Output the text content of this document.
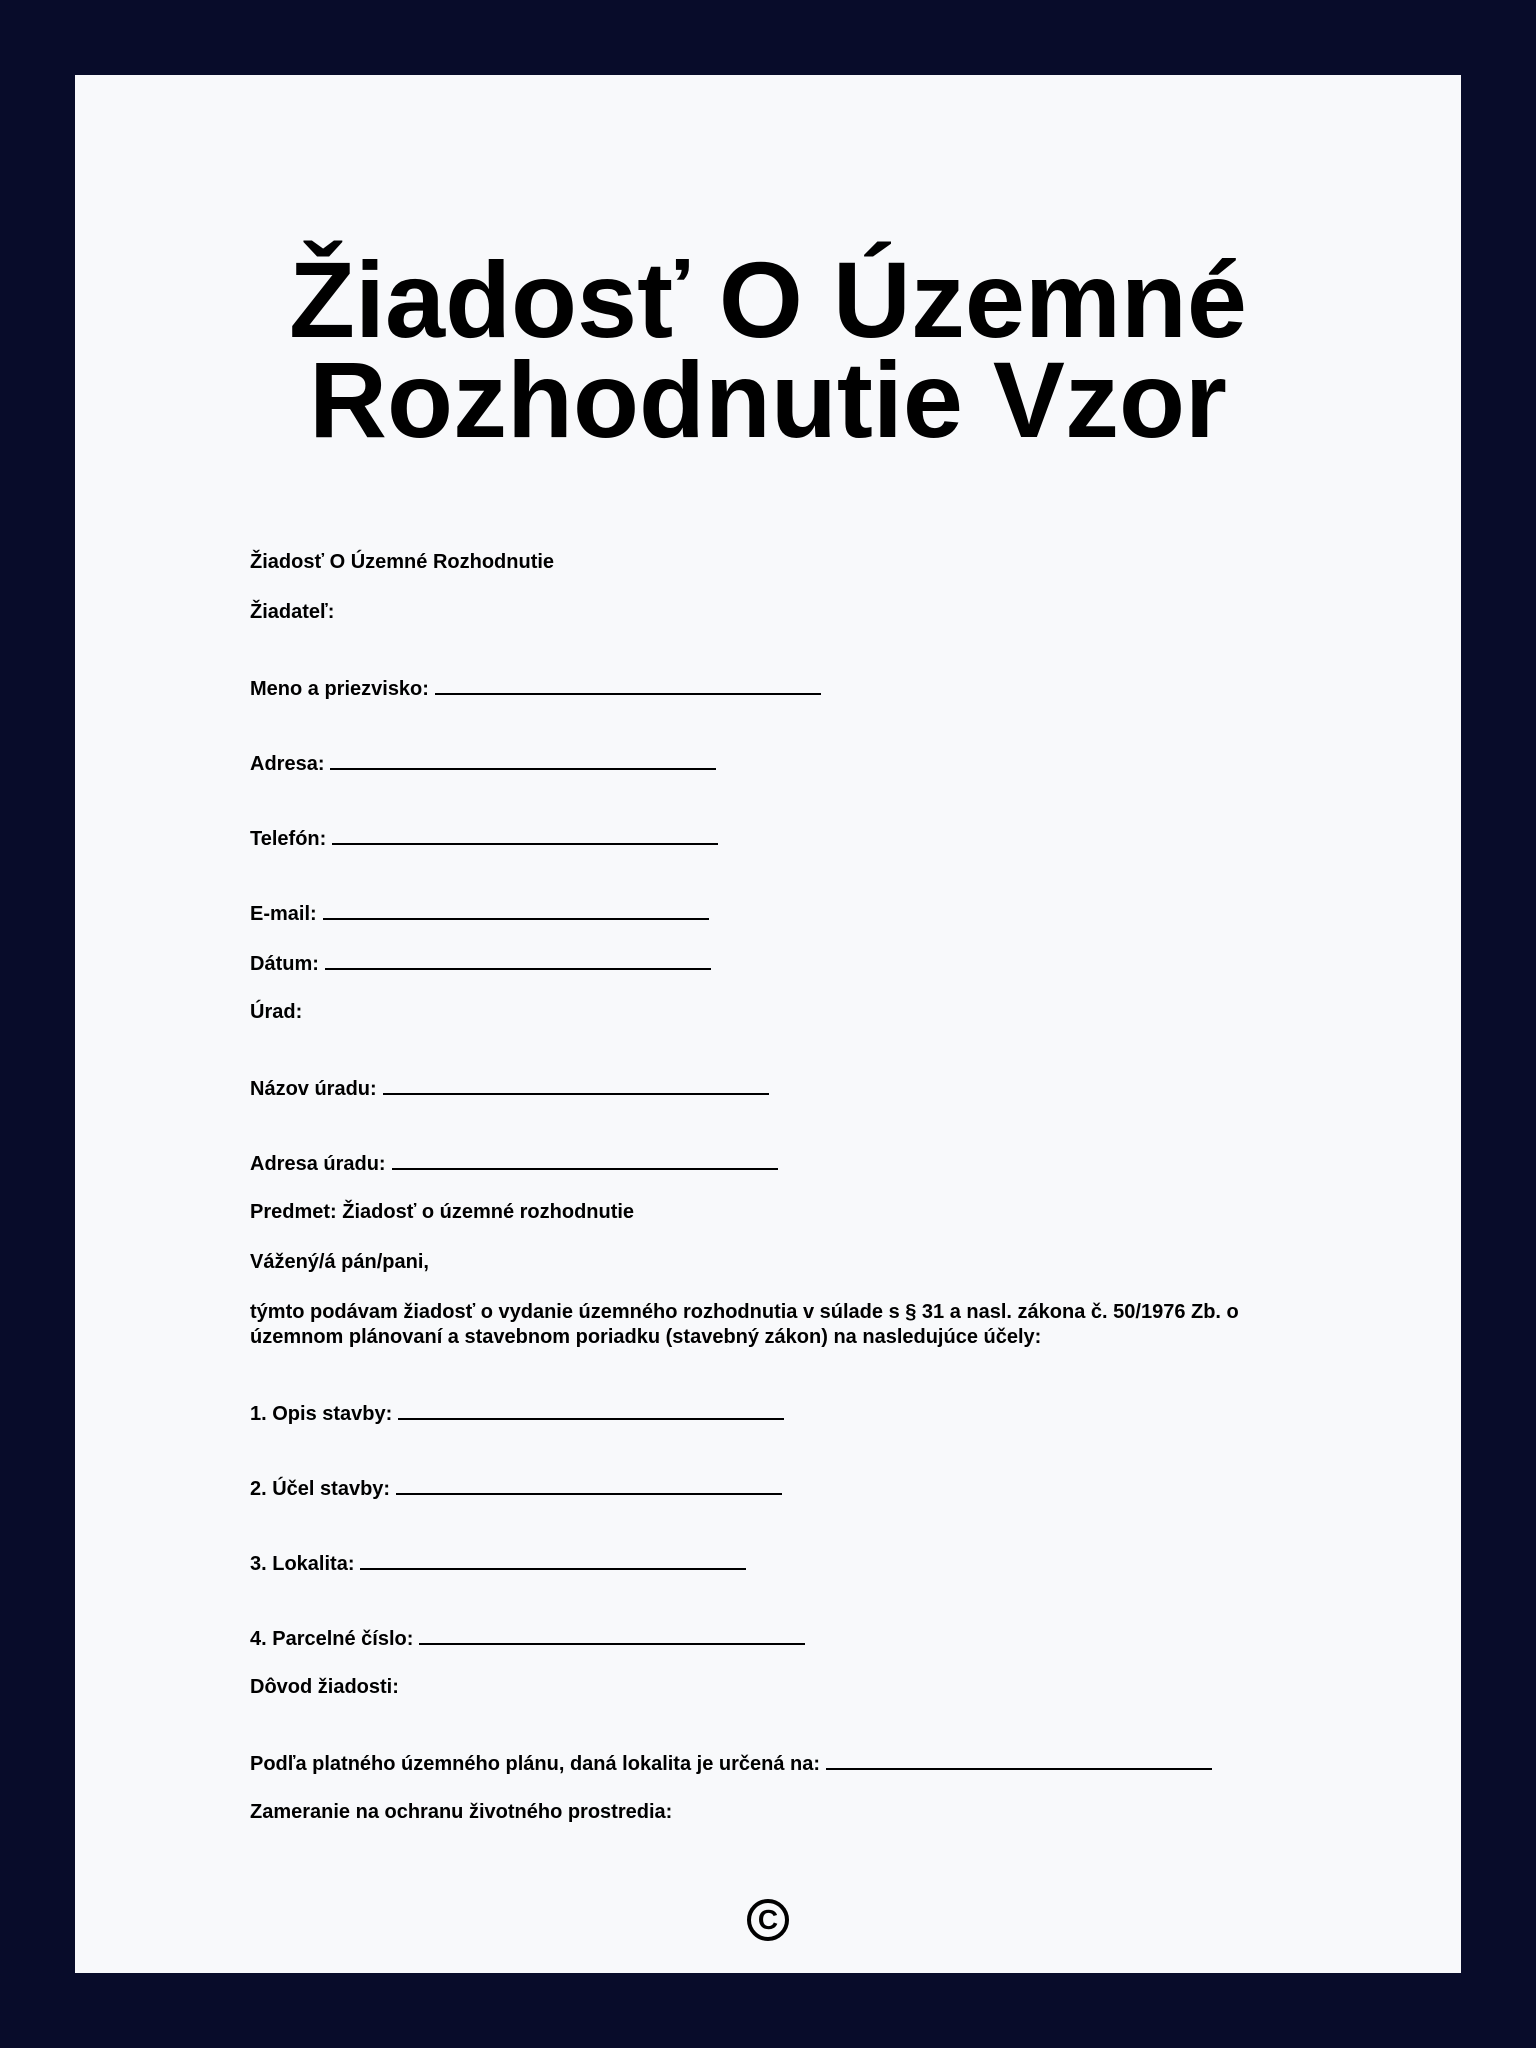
Žiadosť O Územné
Rozhodnutie Vzor
Žiadosť O Územné Rozhodnutie
Žiadateľ:
Meno a priezvisko:
Adresa:
Telefón:
E-mail:
Dátum:
Úrad:
Názov úradu:
Adresa úradu:
Predmet: Žiadosť o územné rozhodnutie
Vážený/á pán/pani,
týmto podávam žiadosť o vydanie územného rozhodnutia v súlade s § 31 a nasl. zákona č. 50/1976 Zb. o územnom plánovaní a stavebnom poriadku (stavebný zákon) na nasledujúce účely:
1. Opis stavby:
2. Účel stavby:
3. Lokalita:
4. Parcelné číslo:
Dôvod žiadosti:
Podľa platného územného plánu, daná lokalita je určená na:
Zameranie na ochranu životného prostredia:
C
